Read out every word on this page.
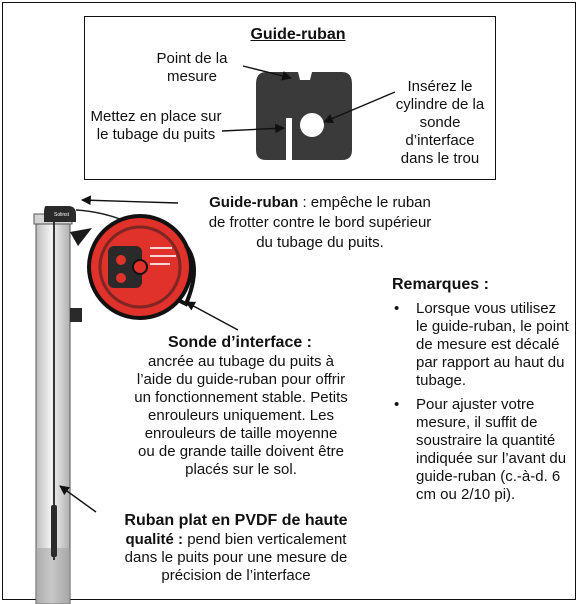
Guide-ruban
Point de la mesure
Mettez en place sur le tubage du puits
Insérez le cylindre de la sonde d’interface dans le trou
Guide-ruban : empêche le ruban
de frotter contre le bord supérieur
du tubage du puits.
Sonde d’interface :
ancrée au tubage du puits à
l’aide du guide-ruban pour offrir
un fonctionnement stable. Petits
enrouleurs uniquement. Les
enrouleurs de taille moyenne
ou de grande taille doivent être
placés sur le sol.
Ruban plat en PVDF de haute
qualité : pend bien verticalement
dans le puits pour une mesure de
précision de l’interface
Remarques :
• Lorsque vous utilisez le guide-ruban, le point de mesure est décalé par rapport au haut du tubage.
• Pour ajuster votre mesure, il suffit de soustraire la quantité indiquée sur l’avant du guide-ruban (c.-à-d. 6 cm ou 2/10 pi).
Solinst
